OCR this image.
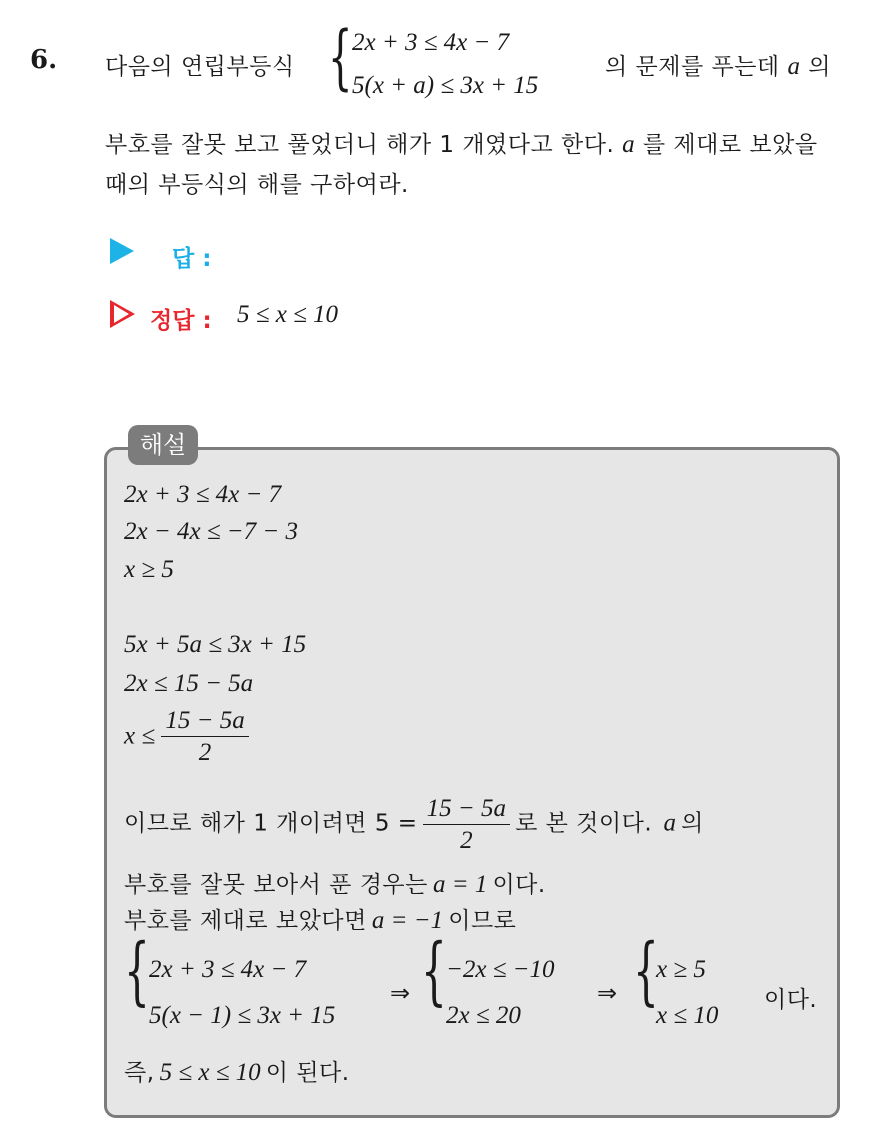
6. 다음의 연립부등식 { 2x + 3 ≤ 4x − 7
5(x + a) ≤ 3x + 15
의 문제를 푸는데 a 의
부호를 잘못 보고 풀었더니 해가 1 개였다고 한다. a 를 제대로 보았을
때의 부등식의 해를 구하여라.
답 :
정답 : 5 ≤ x ≤ 10
해설
2x + 3 ≤ 4x − 7
2x − 4x ≤ −7 − 3
x ≥ 5
5x + 5a ≤ 3x + 15
2x ≤ 15 − 5a
$x \le \frac{15 - 5a}{2}$
이므로 해가 1 개이려면 $5 = \frac{15 - 5a}{2}$ 로 본 것이다. a 의
부호를 잘못 보아서 푼 경우는 a = 1 이다.
부호를 제대로 보았다면 a = −1 이므로
{ 2x + 3 ≤ 4x − 7
5(x − 1) ≤ 3x + 15
⇒ { −2x ≤ −10
2x ≤ 20
⇒ {
x ≥ 5
x ≤ 10
이다.
즉, 5 ≤ x ≤ 10 이 된다.
